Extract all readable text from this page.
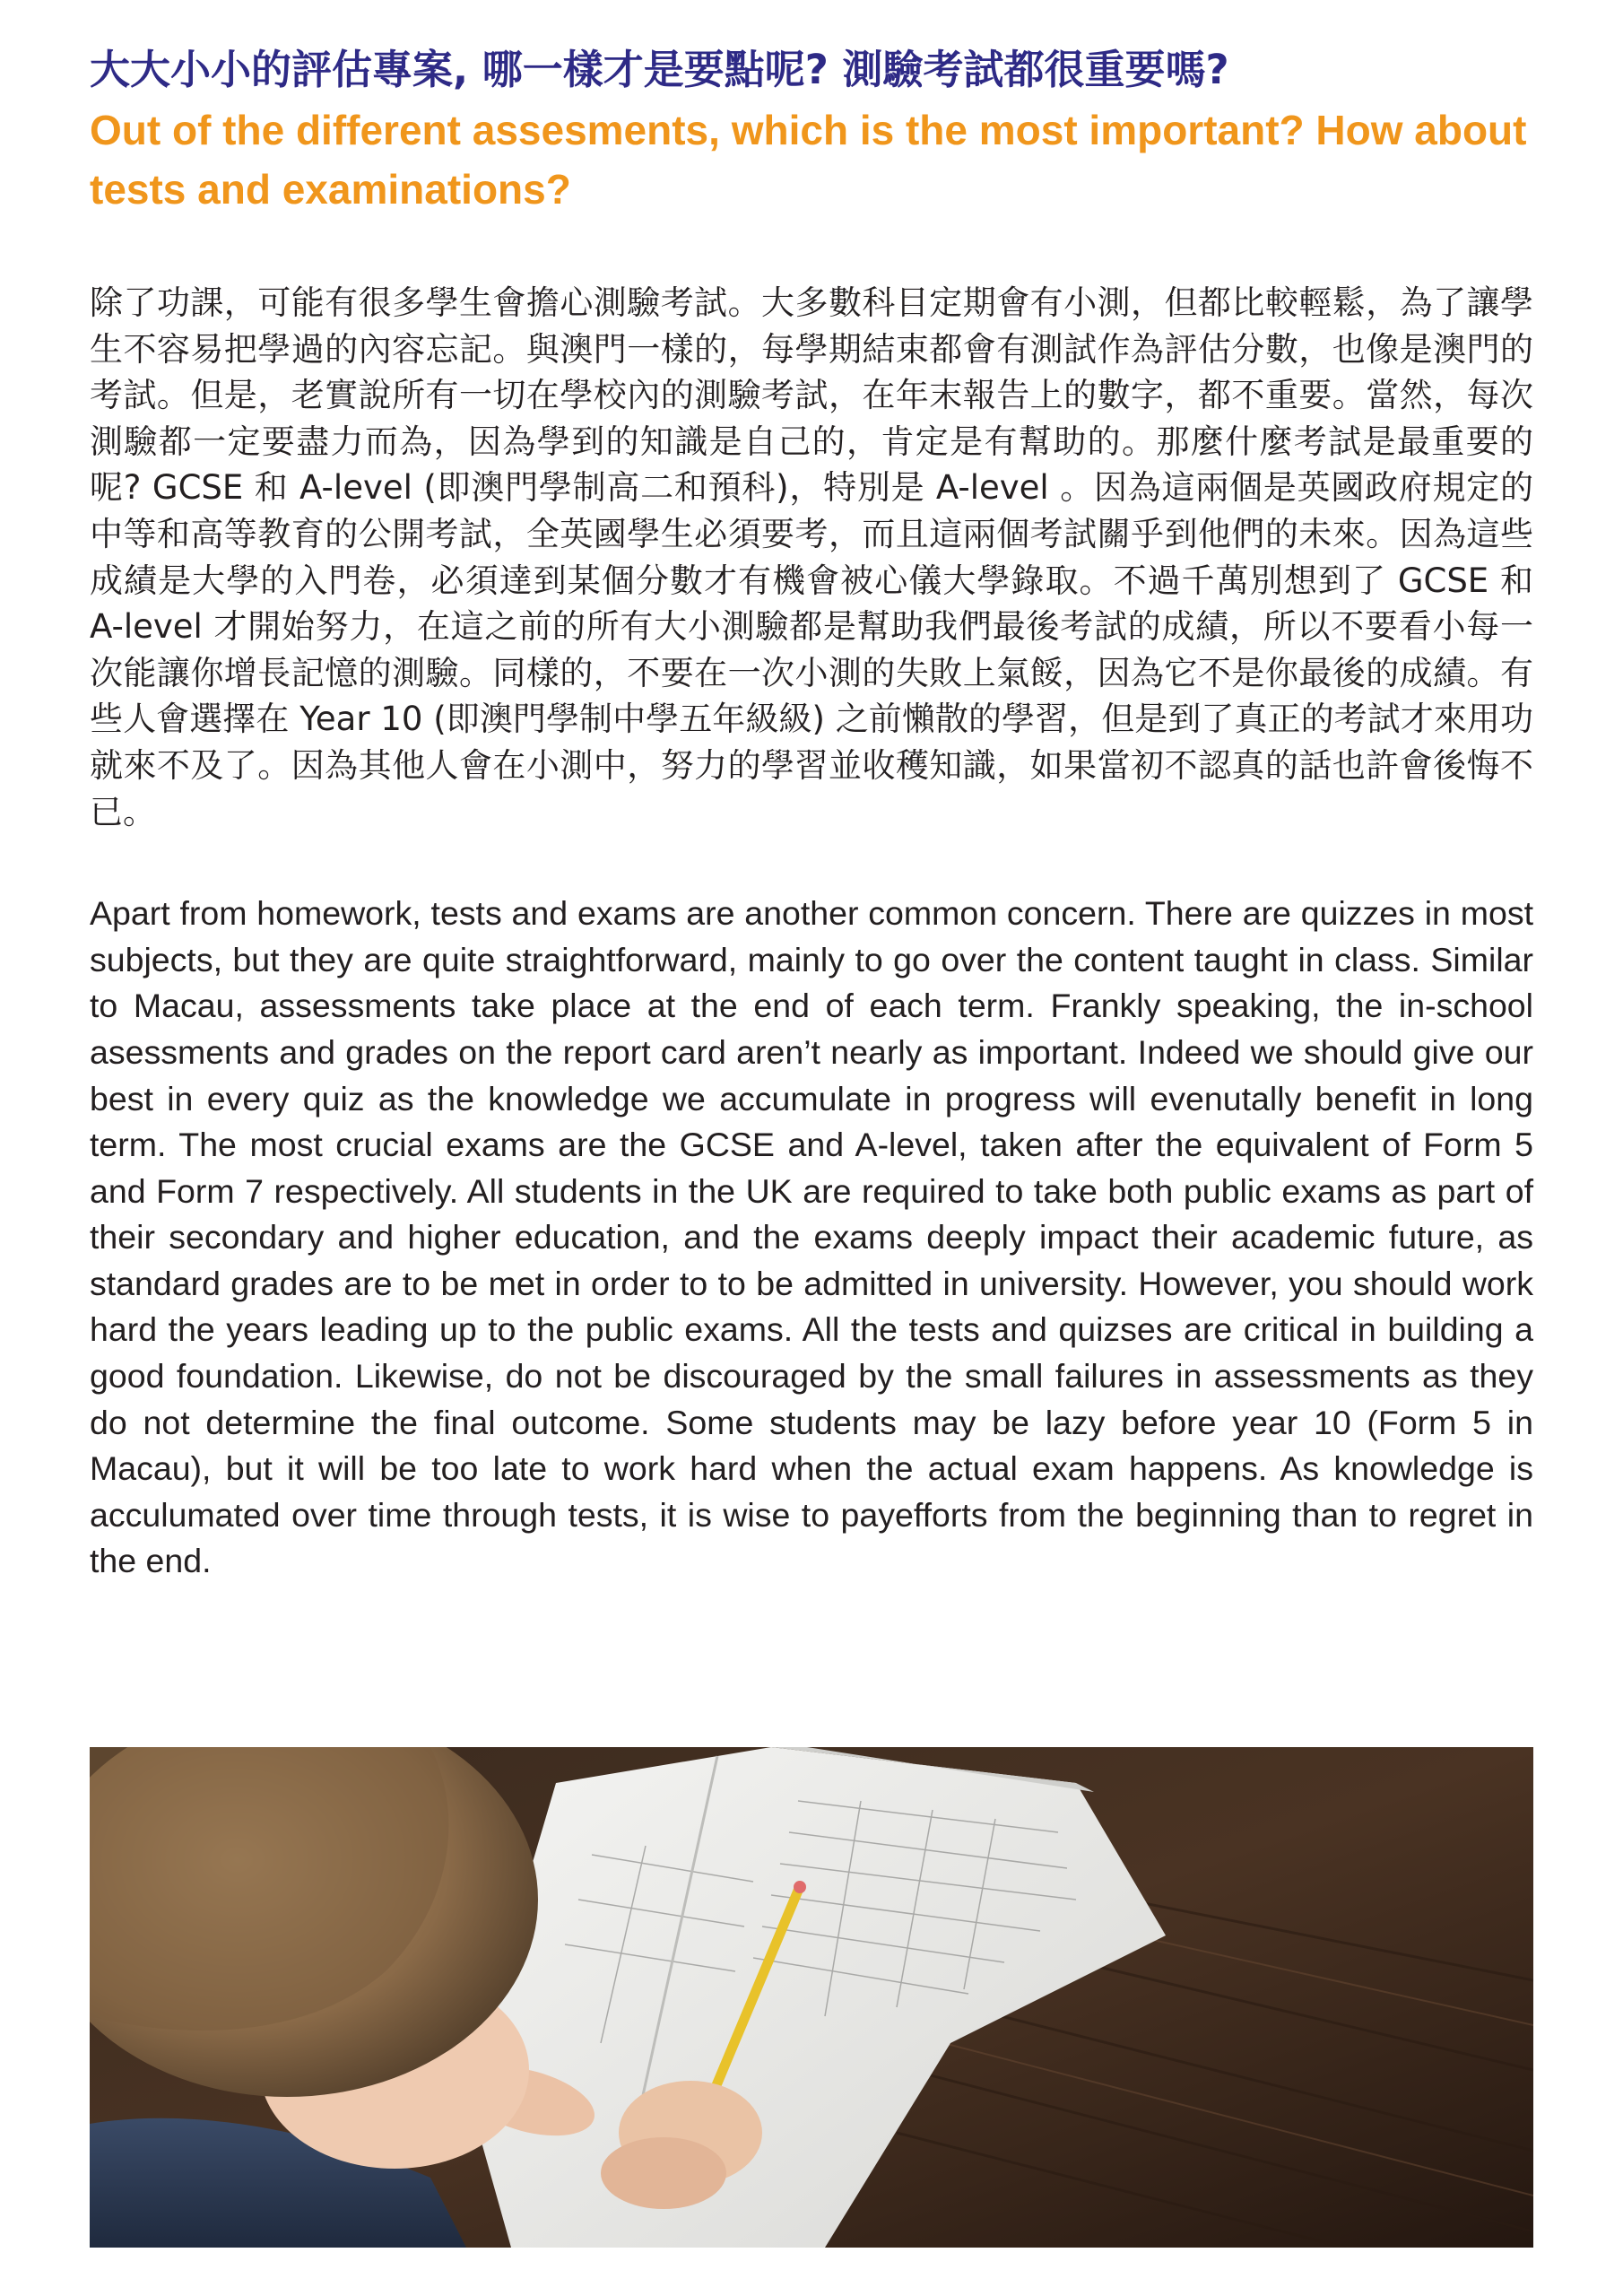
大大小小的評估專案, 哪一樣才是要點呢? 測驗考試都很重要嗎?
Out of the different assesments, which is the most important? How about tests and examinations?

除了功課，可能有很多學生會擔心測驗考試。大多數科目定期會有小測，但都比較輕鬆，為了讓學生不容易把學過的內容忘記。與澳門一樣的，每學期結束都會有測試作為評估分數，也像是澳門的考試。但是，老實說所有一切在學校內的測驗考試，在年末報告上的數字，都不重要。當然，每次測驗都一定要盡力而為，因為學到的知識是自己的，肯定是有幫助的。那麼什麼考試是最重要的呢? GCSE 和 A-level (即澳門學制高二和預科)，特別是 A-level 。因為這兩個是英國政府規定的中等和高等教育的公開考試，全英國學生必須要考，而且這兩個考試關乎到他們的未來。因為這些成績是大學的入門卷，必須達到某個分數才有機會被心儀大學錄取。不過千萬別想到了 GCSE 和 A-level 才開始努力，在這之前的所有大小測驗都是幫助我們最後考試的成績，所以不要看小每一次能讓你增長記憶的測驗。同樣的，不要在一次小測的失敗上氣餒，因為它不是你最後的成績。有些人會選擇在 Year 10 (即澳門學制中學五年級級) 之前懶散的學習，但是到了真正的考試才來用功就來不及了。因為其他人會在小測中，努力的學習並收穫知識，如果當初不認真的話也許會後悔不已。

Apart from homework, tests and exams are another common concern. There are quizzes in most subjects, but they are quite straightforward, mainly to go over the content taught in class. Similar to Macau, assessments take place at the end of each term. Frankly speaking, the in-school asessments and grades on the report card aren’t nearly as important. Indeed we should give our best in every quiz as the knowledge we accumulate in progress will evenutally benefit in long term. The most crucial exams are the GCSE and A-level, taken after the equivalent of Form 5 and Form 7 respectively. All students in the UK are required to take both public exams as part of their secondary and higher education, and the exams deeply impact their academic future, as standard grades are to be met in order to to be admitted in university. However, you should work hard the years leading up to the public exams. All the tests and quizses are critical in building a good foundation. Likewise, do not be discouraged by the small failures in assessments as they do not determine the final outcome. Some students may be lazy before year 10 (Form 5 in Macau), but it will be too late to work hard when the actual exam happens. As knowledge is acculumated over time through tests, it is wise to payefforts from the beginning than to regret in the end.
